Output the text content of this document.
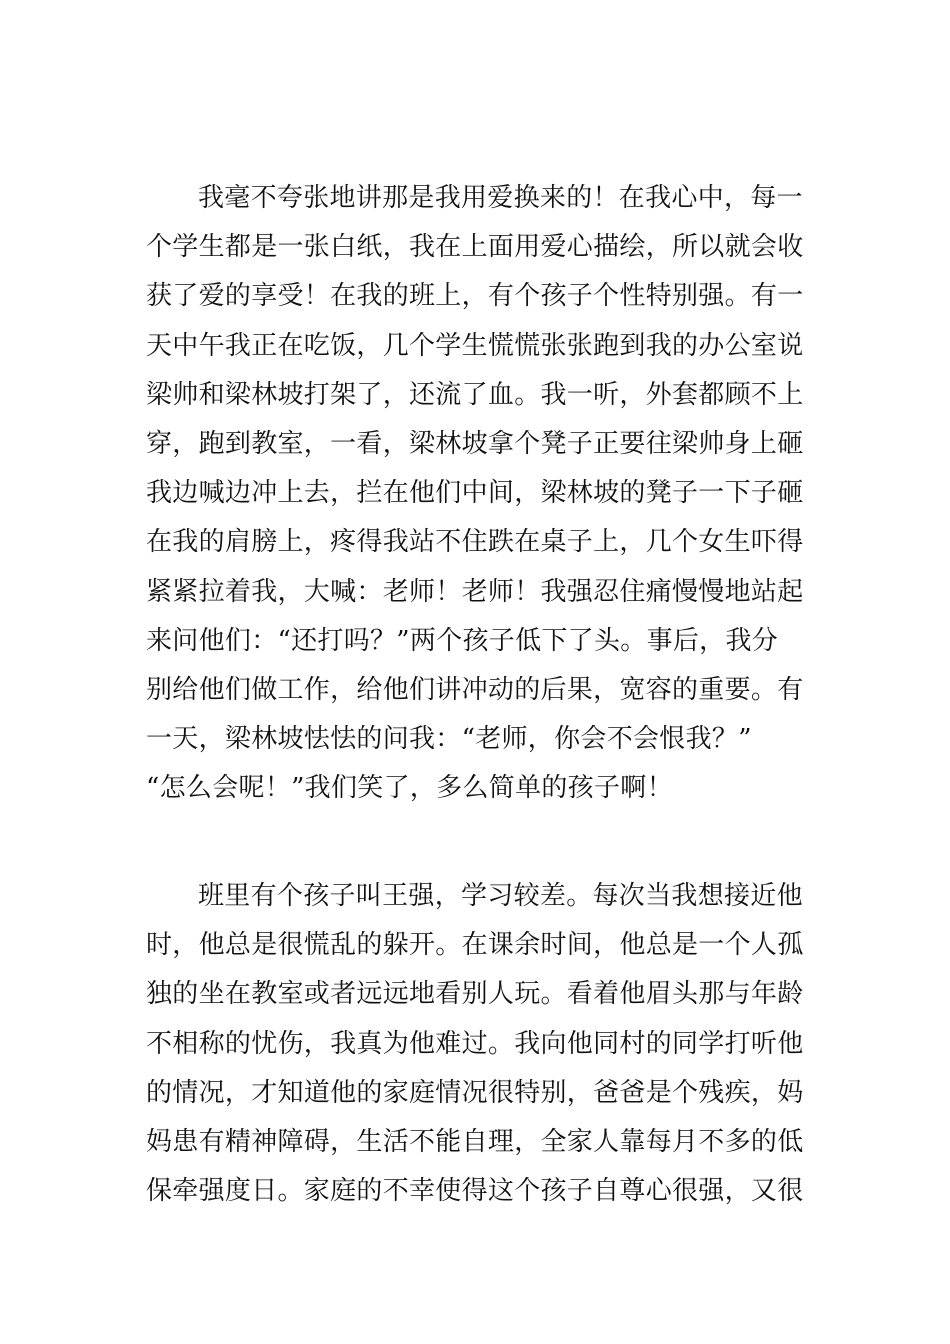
我毫不夸张地讲那是我用爱换来的！在我心中，每一
个学生都是一张白纸，我在上面用爱心描绘，所以就会收
获了爱的享受！在我的班上，有个孩子个性特别强。有一
天中午我正在吃饭，几个学生慌慌张张跑到我的办公室说
梁帅和梁林坡打架了，还流了血。我一听，外套都顾不上
穿，跑到教室，一看，梁林坡拿个凳子正要往梁帅身上砸
我边喊边冲上去，拦在他们中间，梁林坡的凳子一下子砸
在我的肩膀上，疼得我站不住跌在桌子上，几个女生吓得
紧紧拉着我，大喊：老师！老师！我强忍住痛慢慢地站起
来问他们：“还打吗？”两个孩子低下了头。事后，我分
别给他们做工作，给他们讲冲动的后果，宽容的重要。有
一天，梁林坡怯怯的问我：“老师，你会不会恨我？”
“怎么会呢！”我们笑了，多么简单的孩子啊！
班里有个孩子叫王强，学习较差。每次当我想接近他
时，他总是很慌乱的躲开。在课余时间，他总是一个人孤
独的坐在教室或者远远地看别人玩。看着他眉头那与年龄
不相称的忧伤，我真为他难过。我向他同村的同学打听他
的情况，才知道他的家庭情况很特别，爸爸是个残疾，妈
妈患有精神障碍，生活不能自理，全家人靠每月不多的低
保牵强度日。家庭的不幸使得这个孩子自尊心很强，又很
